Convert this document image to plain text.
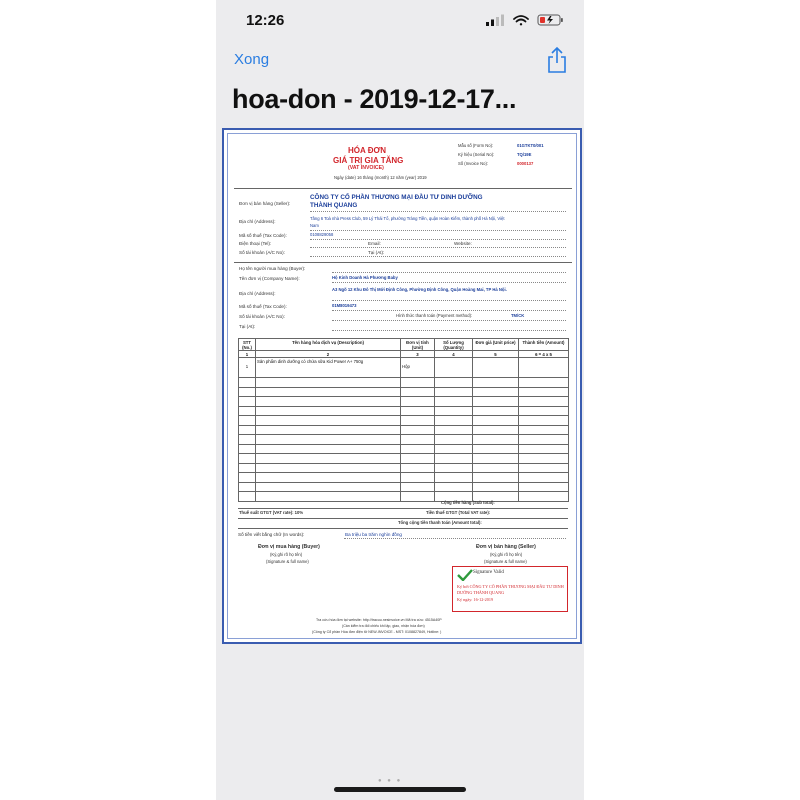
12:26
Xong
hoa-don - 2019-12-17...
HÓA ĐƠN
GIÁ TRỊ GIA TĂNG
(VAT INVOICE)
Ngày (date) 16 tháng (month) 12 năm (year) 2019
Mẫu số (Form No):	01GTKT0/001
Ký hiệu (Serial No):	TQ/19E
Số (Invoice No):	0000137
Đơn vị bán hàng (Seller):
CÔNG TY CỔ PHẦN THƯƠNG MẠI ĐẦU TƯ DINH DƯỠNG THÀNH QUANG
Địa chỉ (Address):
Tầng 6 Toà nhà Press Club, 59 Lý Thái Tổ, phường Tràng Tiền, quận Hoàn Kiếm, thành phố Hà Nội, Việt Nam
Mã số thuế (Tax Code):	0108829058
Điện thoại (Tel):	Email:	Website:
Số tài khoản (A/C No):	Tại (At):
Họ tên người mua hàng (Buyer):
Tên đơn vị (Company Name):	Hộ Kinh Doanh Hà Phương Baby
Địa chỉ (Address):
A3 Ngõ 12 Khu Đô Thị Mới Định Công, Phường Định Công, Quận Hoàng Mai, TP Hà Nội.
Mã số thuế (Tax Code):	01M8019473
Số tài khoản (A/C No):	Hình thức thanh toán (Payment method):	TM/CK
Tại (At):
STT (No.)	Tên hàng hóa dịch vụ (Description)	Đơn vị tính (Unit)	Số Lượng (Quantity)	Đơn giá (Unit price)	Thành tiền (Amount)
1	2	3	4	5	6 = 4 x 5
1	Sản phẩm dinh dưỡng có chứa sữa Kid Power A+ 750g	Hộp			

Cộng tiền hàng (Sub total):
Thuế suất GTGT (VAT rate): 10%	Tiền thuế GTGT (Total VAT rate):
Tổng cộng tiền thanh toán (Amount total):
Số tiền viết bằng chữ (In words):	Ba triệu ba trăm nghìn đồng
Đơn vị mua hàng (Buyer)
(Ký,ghi rõ họ tên)
(Signature & full name)
Đơn vị bán hàng (Seller)
(Ký,ghi rõ họ tên)
(Signature & full name)
Signature Valid
Ký bởi CÔNG TY CỔ PHẦN THƯƠNG MẠI ĐẦU TƯ DINH DƯỠNG THÀNH QUANG
Ký ngày: 16-12-2019
Tra cứu hóa đơn tại website: http://tracuu.nesinvoice.vn Mã tra cứu: 4515A40P
(Cần kiểm tra đối chiếu khi lập, giao, nhận hóa đơn)
(Công ty Cổ phần Hóa đơn điện tử NEW-INVOICE - MST: 0108827849, Hotline: )
● ● ●
